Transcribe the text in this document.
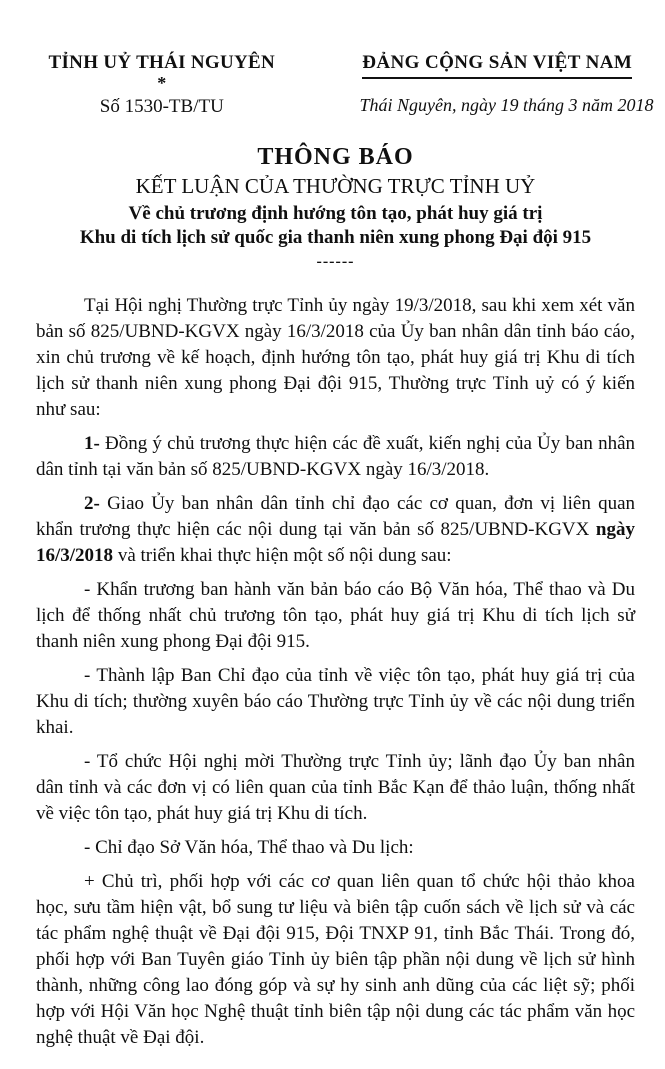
TỈNH UỶ THÁI NGUYÊN
*
Số 1530-TB/TU
ĐẢNG CỘNG SẢN VIỆT NAM
Thái Nguyên, ngày 19 tháng 3 năm 2018
THÔNG BÁO
KẾT LUẬN CỦA THƯỜNG TRỰC TỈNH UỶ
Về chủ trương định hướng tôn tạo, phát huy giá trị
Khu di tích lịch sử quốc gia thanh niên xung phong Đại đội 915
------

Tại Hội nghị Thường trực Tỉnh ủy ngày 19/3/2018, sau khi xem xét văn bản số 825/UBND-KGVX ngày 16/3/2018 của Ủy ban nhân dân tỉnh báo cáo, xin chủ trương về kế hoạch, định hướng tôn tạo, phát huy giá trị Khu di tích lịch sử thanh niên xung phong Đại đội 915, Thường trực Tỉnh uỷ có ý kiến như sau:

1- Đồng ý chủ trương thực hiện các đề xuất, kiến nghị của Ủy ban nhân dân tỉnh tại văn bản số 825/UBND-KGVX ngày 16/3/2018.

2- Giao Ủy ban nhân dân tỉnh chỉ đạo các cơ quan, đơn vị liên quan khẩn trương thực hiện các nội dung tại văn bản số 825/UBND-KGVX ngày 16/3/2018 và triển khai thực hiện một số nội dung sau:

- Khẩn trương ban hành văn bản báo cáo Bộ Văn hóa, Thể thao và Du lịch để thống nhất chủ trương tôn tạo, phát huy giá trị Khu di tích lịch sử thanh niên xung phong Đại đội 915.

- Thành lập Ban Chỉ đạo của tỉnh về việc tôn tạo, phát huy giá trị của Khu di tích; thường xuyên báo cáo Thường trực Tỉnh ủy về các nội dung triển khai.

- Tổ chức Hội nghị mời Thường trực Tỉnh ủy; lãnh đạo Ủy ban nhân dân tỉnh và các đơn vị có liên quan của tỉnh Bắc Kạn để thảo luận, thống nhất về việc tôn tạo, phát huy giá trị Khu di tích.

- Chỉ đạo Sở Văn hóa, Thể thao và Du lịch:

+ Chủ trì, phối hợp với các cơ quan liên quan tổ chức hội thảo khoa học, sưu tầm hiện vật, bổ sung tư liệu và biên tập cuốn sách về lịch sử và các tác phẩm nghệ thuật về Đại đội 915, Đội TNXP 91, tỉnh Bắc Thái. Trong đó, phối hợp với Ban Tuyên giáo Tỉnh ủy biên tập phần nội dung về lịch sử hình thành, những công lao đóng góp và sự hy sinh anh dũng của các liệt sỹ; phối hợp với Hội Văn học Nghệ thuật tỉnh biên tập nội dung các tác phẩm văn học nghệ thuật về Đại đội.
